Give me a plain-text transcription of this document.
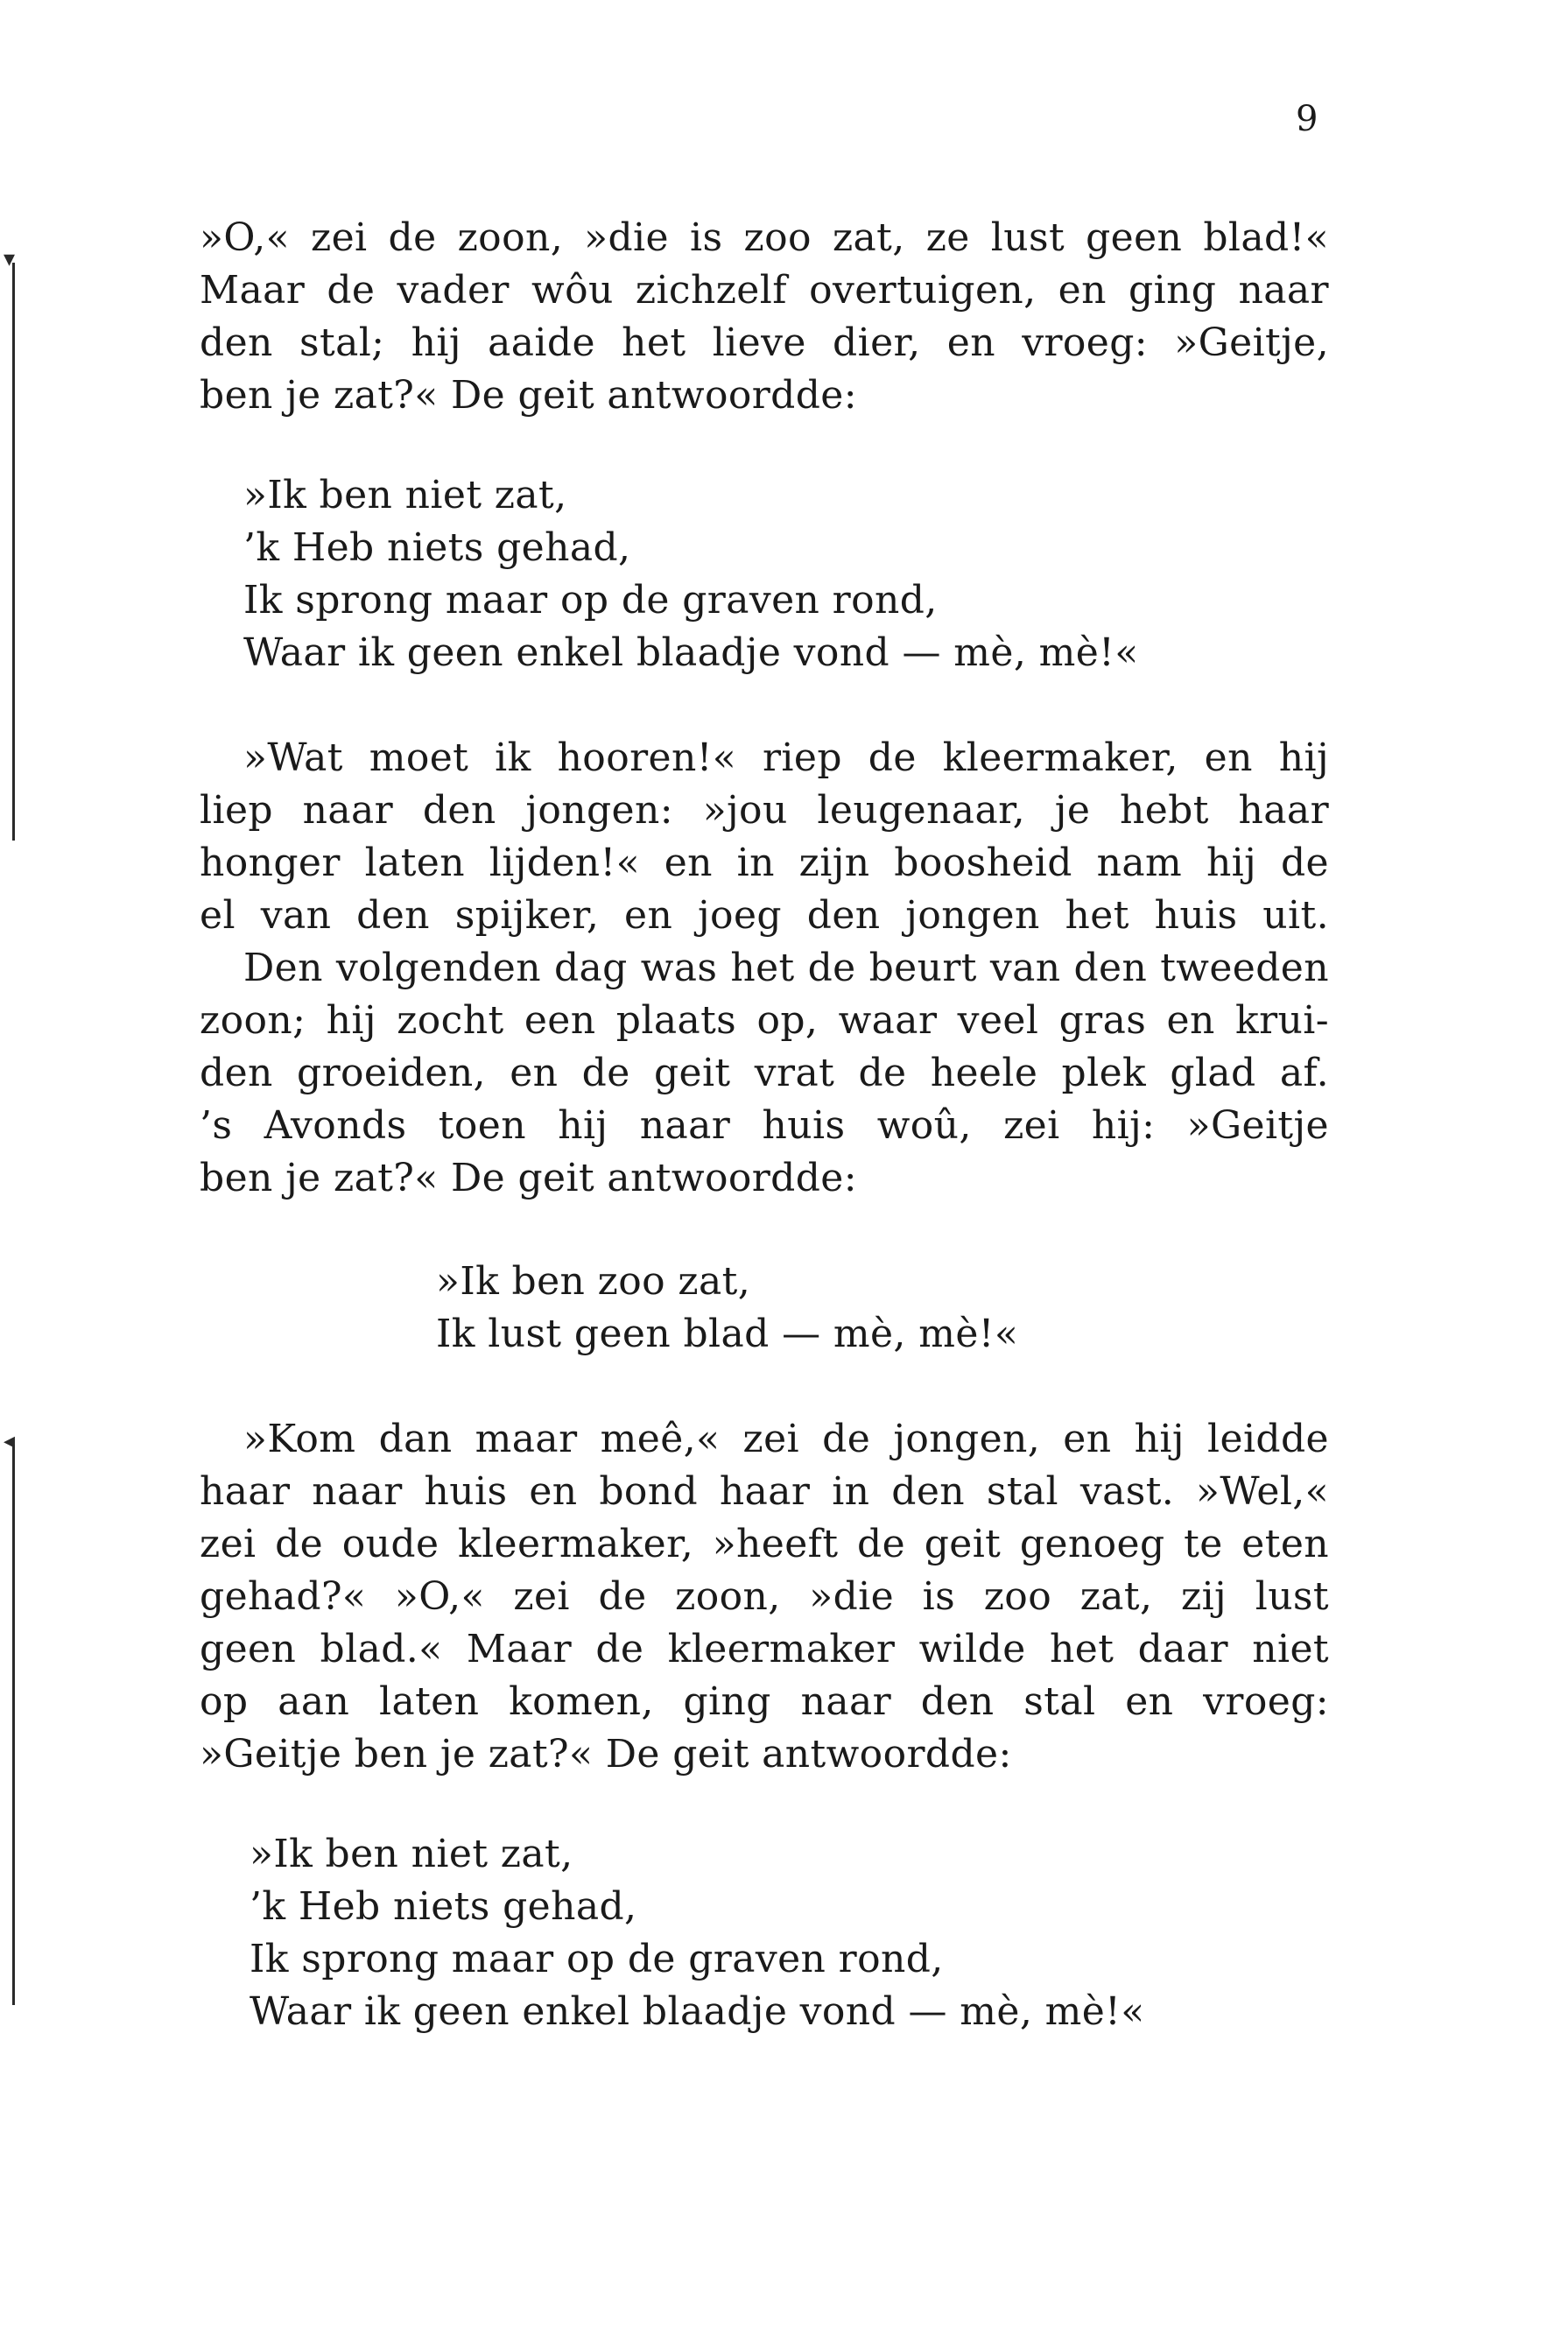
9
»O,« zei de zoon, »die is zoo zat, ze lust geen blad!«
Maar de vader wôu zichzelf overtuigen, en ging naar
den stal; hij aaide het lieve dier, en vroeg: »Geitje,
ben je zat?« De geit antwoordde:
»Ik ben niet zat,
’k Heb niets gehad,
Ik sprong maar op de graven rond,
Waar ik geen enkel blaadje vond — mè, mè!«
»Wat moet ik hooren!« riep de kleermaker, en hij
liep naar den jongen: »jou leugenaar, je hebt haar
honger laten lijden!« en in zijn boosheid nam hij de
el van den spijker, en joeg den jongen het huis uit.
Den volgenden dag was het de beurt van den tweeden
zoon; hij zocht een plaats op, waar veel gras en krui-
den groeiden, en de geit vrat de heele plek glad af.
’s Avonds toen hij naar huis woû, zei hij: »Geitje
ben je zat?« De geit antwoordde:
»Ik ben zoo zat,
Ik lust geen blad — mè, mè!«
»Kom dan maar meê,« zei de jongen, en hij leidde
haar naar huis en bond haar in den stal vast. »Wel,«
zei de oude kleermaker, »heeft de geit genoeg te eten
gehad?« »O,« zei de zoon, »die is zoo zat, zij lust
geen blad.« Maar de kleermaker wilde het daar niet
op aan laten komen, ging naar den stal en vroeg:
»Geitje ben je zat?« De geit antwoordde:
»Ik ben niet zat,
’k Heb niets gehad,
Ik sprong maar op de graven rond,
Waar ik geen enkel blaadje vond — mè, mè!«
▾
◂
